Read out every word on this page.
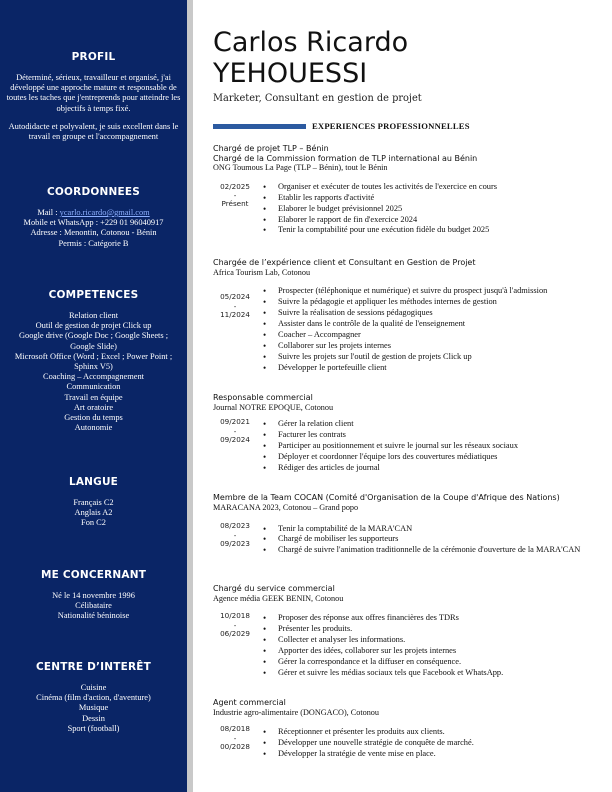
PROFIL

Déterminé, sérieux, travailleur et organisé, j'ai développé une approche mature et responsable de toutes les taches que j'entreprends pour atteindre les objectifs à temps fixé.

Autodidacte et polyvalent, je suis excellent dans le travail en groupe et l'accompagnement

COORDONNEES
Mail : ycarlo.ricardo@gmail.com
Mobile et WhatsApp : +229 01 96040917
Adresse : Menontin, Cotonou - Bénin
Permis : Catégorie B
COMPETENCES
Relation client
Outil de gestion de projet Click up
Google drive (Google Doc ; Google Sheets ; Google Slide)
Microsoft Office (Word ; Excel ; Power Point ; Sphinx V5)
Coaching – Accompagnement
Communication
Travail en équipe
Art oratoire
Gestion du temps
Autonomie
LANGUE
Français C2
Anglais A2
Fon C2
ME CONCERNANT
Né le 14 novembre 1996
Célibataire
Nationalité béninoise
CENTRE D’INTERÊT
Cuisine
Cinéma (film d'action, d'aventure)
Musique
Dessin
Sport (football)
Carlos Ricardo
YEHOUESSI
Marketer, Consultant en gestion de projet
EXPERIENCES PROFESSIONNELLES
Chargé de projet TLP – Bénin
Chargé de la Commission formation de TLP international au Bénin
ONG Toumous La Page (TLP – Bénin), tout le Bénin
02/2025
-
Présent
• Organiser et exécuter de toutes les activités de l'exercice en cours
• Etablir les rapports d'activité
• Elaborer le budget prévisionnel 2025
• Elaborer le rapport de fin d'exercice 2024
• Tenir la comptabilité pour une exécution fidèle du budget 2025
Chargée de l’expérience client et Consultant en Gestion de Projet
Africa Tourism Lab, Cotonou
05/2024
-
11/2024
• Prospecter (téléphonique et numérique) et suivre du prospect jusqu'à l'admission
• Suivre la pédagogie et appliquer les méthodes internes de gestion
• Suivre la réalisation de sessions pédagogiques
• Assister dans le contrôle de la qualité de l'enseignement
• Coacher – Accompagner
• Collaborer sur les projets internes
• Suivre les projets sur l'outil de gestion de projets Click up
• Développer le portefeuille client
Responsable commercial
Journal NOTRE EPOQUE, Cotonou
09/2021
-
09/2024
• Gérer la relation client
• Facturer les contrats
• Participer au positionnement et suivre le journal sur les réseaux sociaux
• Déployer et coordonner l'équipe lors des couvertures médiatiques
• Rédiger des articles de journal
Membre de la Team COCAN (Comité d'Organisation de la Coupe d'Afrique des Nations)
MARACANA 2023, Cotonou – Grand popo
08/2023
-
09/2023
• Tenir la comptabilité de la MARA'CAN
• Chargé de mobiliser les supporteurs
• Chargé de suivre l'animation traditionnelle de la cérémonie d'ouverture de la MARA'CAN
Chargé du service commercial
Agence média GEEK BENIN, Cotonou
10/2018
-
06/2029
• Proposer des réponse aux offres financières des TDRs
• Présenter les produits.
• Collecter et analyser les informations.
• Apporter des idées, collaborer sur les projets internes
• Gérer la correspondance et la diffuser en conséquence.
• Gérer et suivre les médias sociaux tels que Facebook et WhatsApp.
Agent commercial
Industrie agro-alimentaire (DONGACO), Cotonou
08/2018
-
00/2028
• Réceptionner et présenter les produits aux clients.
• Développer une nouvelle stratégie de conquête de marché.
• Développer la stratégie de vente mise en place.
